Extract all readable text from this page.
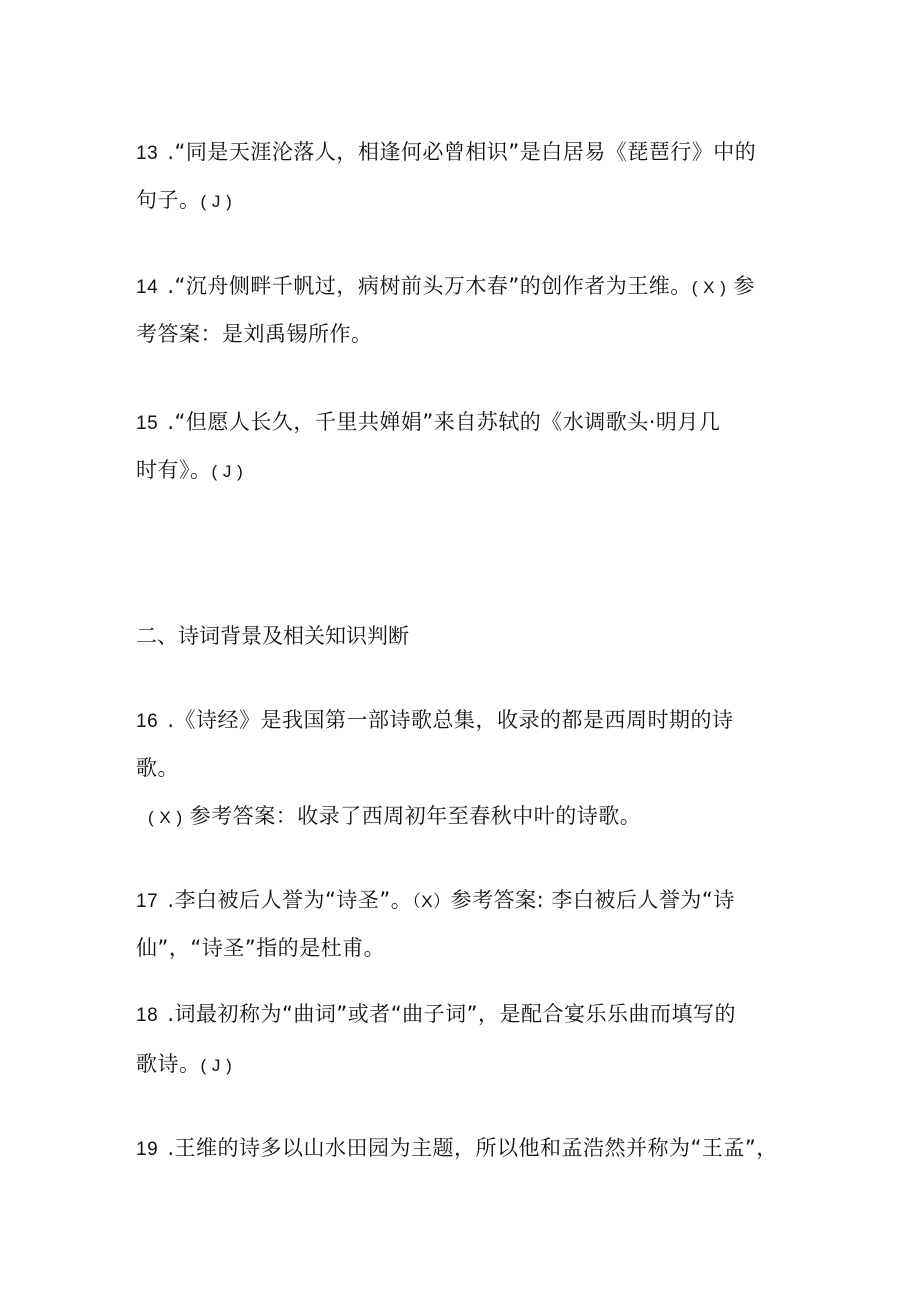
13 .“同是天涯沦落人，相逢何必曾相识”是白居易《琵琶行》中的
句子。( J )
14 .“沉舟侧畔千帆过，病树前头万木春”的创作者为王维。( X ) 参
考答案：是刘禹锡所作。
15 .“但愿人长久，千里共婵娟”来自苏轼的《水调歌头·明月几
时有》。( J )
二、诗词背景及相关知识判断
16 .《诗经》是我国第一部诗歌总集，收录的都是西周时期的诗
歌。
( X ) 参考答案：收录了西周初年至春秋中叶的诗歌。
17 .李白被后人誉为“诗圣”。（X）参考答案: 李白被后人誉为“诗
仙”，“诗圣”指的是杜甫。
18 .词最初称为“曲词”或者“曲子词”，是配合宴乐乐曲而填写的
歌诗。( J )
19 .王维的诗多以山水田园为主题，所以他和孟浩然并称为“王孟”，
